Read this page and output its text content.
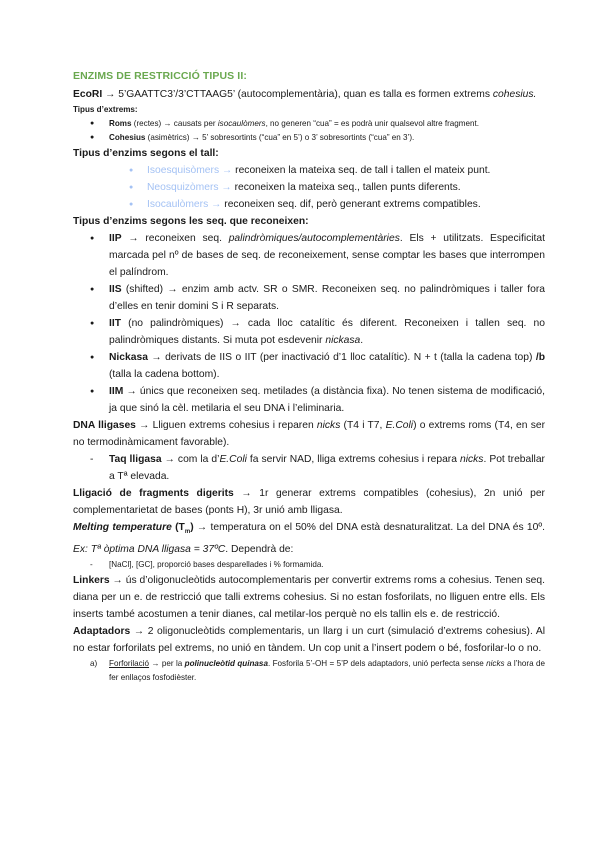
ENZIMS DE RESTRICCIÓ TIPUS II:

EcoRI → 5’GAATTC3’/3’CTTAAG5’ (autocomplementària), quan es talla es formen extrems cohesius.

Tipus d’extrems:

● Roms (rectes) → causats per isocaulòmers, no generen “cua” = es podrà unir qualsevol altre fragment.
● Cohesius (asimètrics) → 5’ sobresortints (“cua” en 5’) o 3’ sobresortints (“cua” en 3’).

Tipus d’enzims segons el tall:

● Isoesquisòmers → reconeixen la mateixa seq. de tall i tallen el mateix punt.
● Neosquizòmers → reconeixen la mateixa seq., tallen punts diferents.
● Isocaulòmers → reconeixen seq. dif, però generant extrems compatibles.

Tipus d’enzims segons les seq. que reconeixen:

● IIP → reconeixen seq. palindròmiques/autocomplementàries. Els + utilitzats. Especificitat marcada pel nº de bases de seq. de reconeixement, sense comptar les bases que interrompen el palíndrom.
● IIS (shifted) → enzim amb actv. SR o SMR. Reconeixen seq. no palindròmiques i taller fora d’elles en tenir domini S i R separats.
● IIT (no palindròmiques) → cada lloc catalític és diferent. Reconeixen i tallen seq. no palindròmiques distants. Si muta pot esdevenir nickasa.
● Nickasa → derivats de IIS o IIT (per inactivació d’1 lloc catalític). N + t (talla la cadena top) /b (talla la cadena bottom).
● IIM → únics que reconeixen seq. metilades (a distància fixa). No tenen sistema de modificació, ja que sinó la cèl. metilaria el seu DNA i l’eliminaria.

DNA lligases → Lliguen extrems cohesius i reparen nicks (T4 i T7, E.Coli) o extrems roms (T4, en ser no termodinàmicament favorable).

- Taq lligasa → com la d’E.Coli fa servir NAD, lliga extrems cohesius i repara nicks. Pot treballar a Tª elevada.

Lligació de fragments digerits → 1r generar extrems compatibles (cohesius), 2n unió per complementarietat de bases (ponts H), 3r unió amb lligasa.

Melting temperature $(T_m)$ → temperatura on el 50% del DNA està desnaturalitzat. La del DNA és 10º. Ex: Tª òptima DNA lligasa = 37ºC. Dependrà de:

- [NaCl], [GC], proporció bases desparellades i % formamida.

Linkers → ús d’oligonucleòtids autocomplementaris per convertir extrems roms a cohesius. Tenen seq. diana per un e. de restricció que talli extrems cohesius. Si no estan fosforilats, no lliguen entre ells. Els inserts també acostumen a tenir dianes, cal metilar-los perquè no els tallin els e. de restricció.

Adaptadors → 2 oligonucleòtids complementaris, un llarg i un curt (simulació d’extrems cohesius). Al no estar forforilats pel extrems, no unió en tàndem. Un cop unit a l’insert podem o bé, fosforilar-lo o no.

a) Forforilació → per la polinucleòtid quinasa. Fosforila 5’-OH = 5’P dels adaptadors, unió perfecta sense nicks a l’hora de fer enllaços fosfodièster.
